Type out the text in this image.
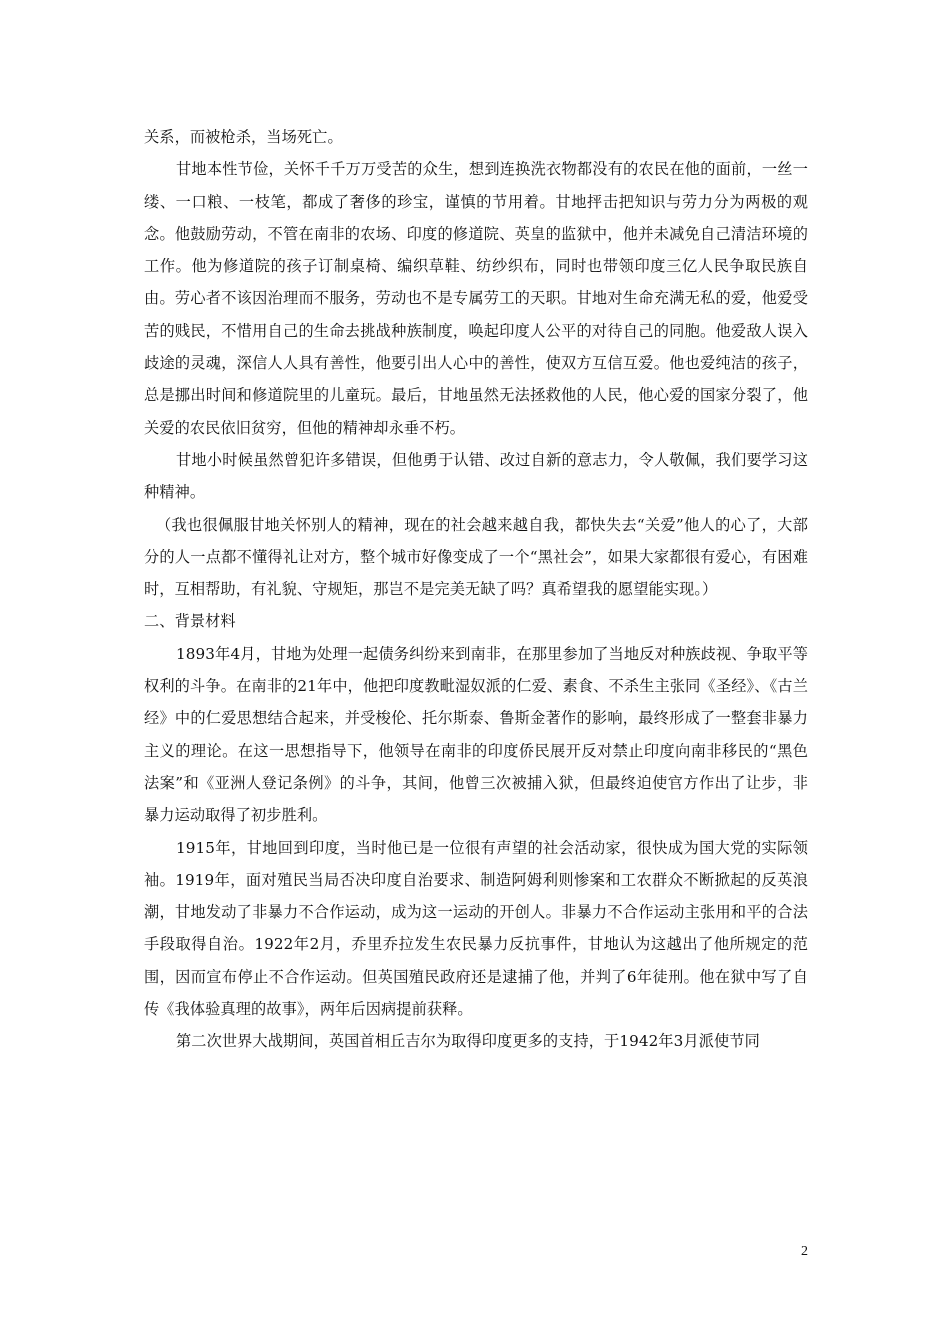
关系，而被枪杀，当场死亡。

甘地本性节俭，关怀千千万万受苦的众生，想到连换洗衣物都没有的农民在他的面前，一丝一缕、一口粮、一枝笔，都成了奢侈的珍宝，谨慎的节用着。甘地抨击把知识与劳力分为两极的观念。他鼓励劳动，不管在南非的农场、印度的修道院、英皇的监狱中，他并未减免自己清洁环境的工作。他为修道院的孩子订制桌椅、编织草鞋、纺纱织布，同时也带领印度三亿人民争取民族自由。劳心者不该因治理而不服务，劳动也不是专属劳工的天职。甘地对生命充满无私的爱，他爱受苦的贱民，不惜用自己的生命去挑战种族制度，唤起印度人公平的对待自己的同胞。他爱敌人误入歧途的灵魂，深信人人具有善性，他要引出人心中的善性，使双方互信互爱。他也爱纯洁的孩子，总是挪出时间和修道院里的儿童玩。最后，甘地虽然无法拯救他的人民，他心爱的国家分裂了，他关爱的农民依旧贫穷，但他的精神却永垂不朽。

甘地小时候虽然曾犯许多错误，但他勇于认错、改过自新的意志力，令人敬佩，我们要学习这种精神。

（我也很佩服甘地关怀别人的精神，现在的社会越来越自我，都快失去“关爱”他人的心了，大部分的人一点都不懂得礼让对方，整个城市好像变成了一个“黑社会”，如果大家都很有爱心，有困难时，互相帮助，有礼貌、守规矩，那岂不是完美无缺了吗？真希望我的愿望能实现。）

二、背景材料

1893年4月，甘地为处理一起债务纠纷来到南非，在那里参加了当地反对种族歧视、争取平等权利的斗争。在南非的21年中，他把印度教毗湿奴派的仁爱、素食、不杀生主张同《圣经》、《古兰经》中的仁爱思想结合起来，并受梭伦、托尔斯泰、鲁斯金著作的影响，最终形成了一整套非暴力主义的理论。在这一思想指导下，他领导在南非的印度侨民展开反对禁止印度向南非移民的“黑色法案”和《亚洲人登记条例》的斗争，其间，他曾三次被捕入狱，但最终迫使官方作出了让步，非暴力运动取得了初步胜利。

1915年，甘地回到印度，当时他已是一位很有声望的社会活动家，很快成为国大党的实际领袖。1919年，面对殖民当局否决印度自治要求、制造阿姆利则惨案和工农群众不断掀起的反英浪潮，甘地发动了非暴力不合作运动，成为这一运动的开创人。非暴力不合作运动主张用和平的合法手段取得自治。1922年2月，乔里乔拉发生农民暴力反抗事件，甘地认为这越出了他所规定的范围，因而宣布停止不合作运动。但英国殖民政府还是逮捕了他，并判了6年徒刑。他在狱中写了自传《我体验真理的故事》，两年后因病提前获释。

第二次世界大战期间，英国首相丘吉尔为取得印度更多的支持，于1942年3月派使节同

2
